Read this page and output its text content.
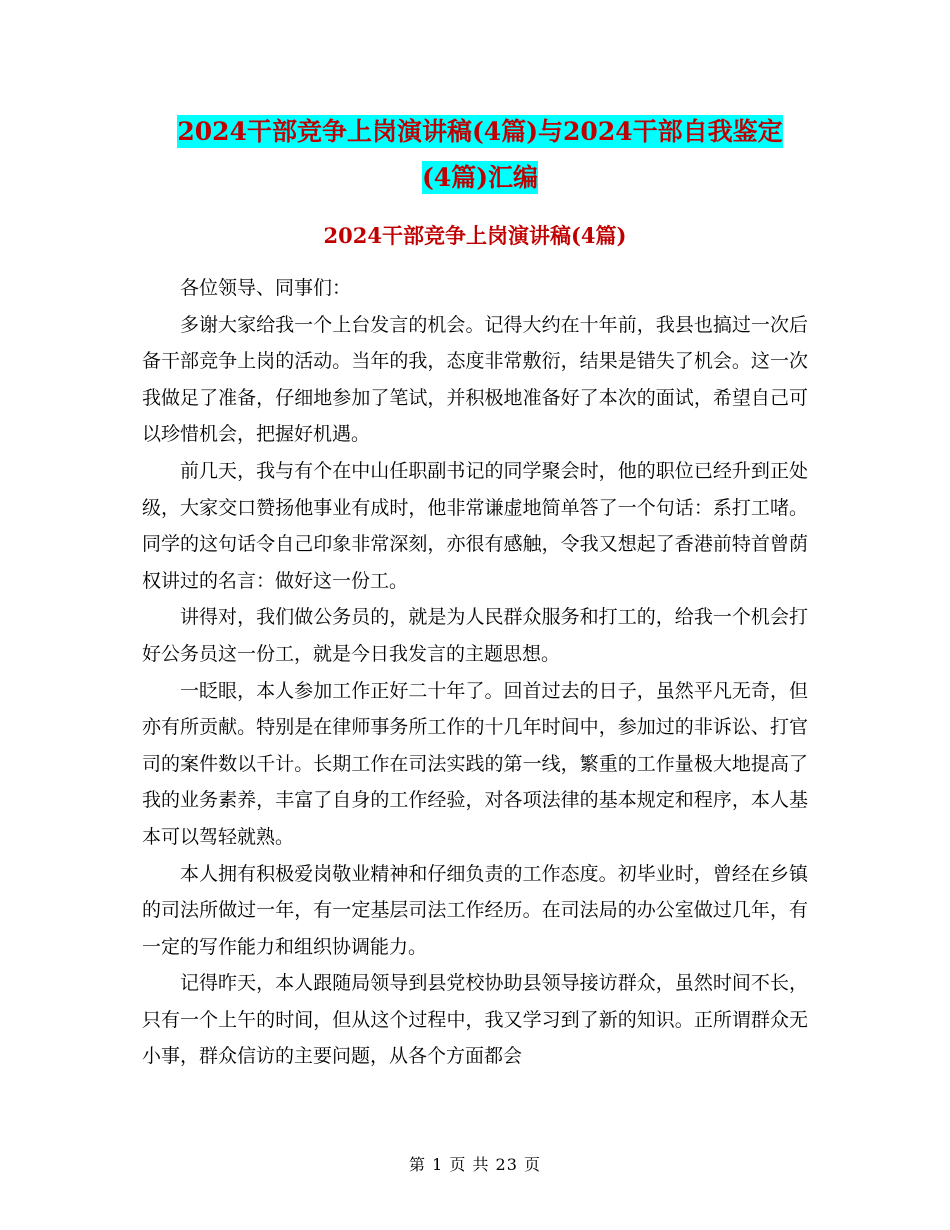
2024干部竞争上岗演讲稿(4篇)与2024干部自我鉴定
(4篇)汇编
2024干部竞争上岗演讲稿(4篇)

各位领导、同事们：

多谢大家给我一个上台发言的机会。记得大约在十年前，我县也搞过一次后备干部竞争上岗的活动。当年的我，态度非常敷衍，结果是错失了机会。这一次我做足了准备，仔细地参加了笔试，并积极地准备好了本次的面试，希望自己可以珍惜机会，把握好机遇。

前几天，我与有个在中山任职副书记的同学聚会时，他的职位已经升到正处级，大家交口赞扬他事业有成时，他非常谦虚地简单答了一个句话：系打工啫。同学的这句话令自己印象非常深刻，亦很有感触，令我又想起了香港前特首曾荫权讲过的名言：做好这一份工。

讲得对，我们做公务员的，就是为人民群众服务和打工的，给我一个机会打好公务员这一份工，就是今日我发言的主题思想。

一眨眼，本人参加工作正好二十年了。回首过去的日子，虽然平凡无奇，但亦有所贡献。特别是在律师事务所工作的十几年时间中，参加过的非诉讼、打官司的案件数以千计。长期工作在司法实践的第一线，繁重的工作量极大地提高了我的业务素养，丰富了自身的工作经验，对各项法律的基本规定和程序，本人基本可以驾轻就熟。

本人拥有积极爱岗敬业精神和仔细负责的工作态度。初毕业时，曾经在乡镇的司法所做过一年，有一定基层司法工作经历。在司法局的办公室做过几年，有一定的写作能力和组织协调能力。

记得昨天，本人跟随局领导到县党校协助县领导接访群众，虽然时间不长，只有一个上午的时间，但从这个过程中，我又学习到了新的知识。正所谓群众无小事，群众信访的主要问题，从各个方面都会

第 1 页 共 23 页
